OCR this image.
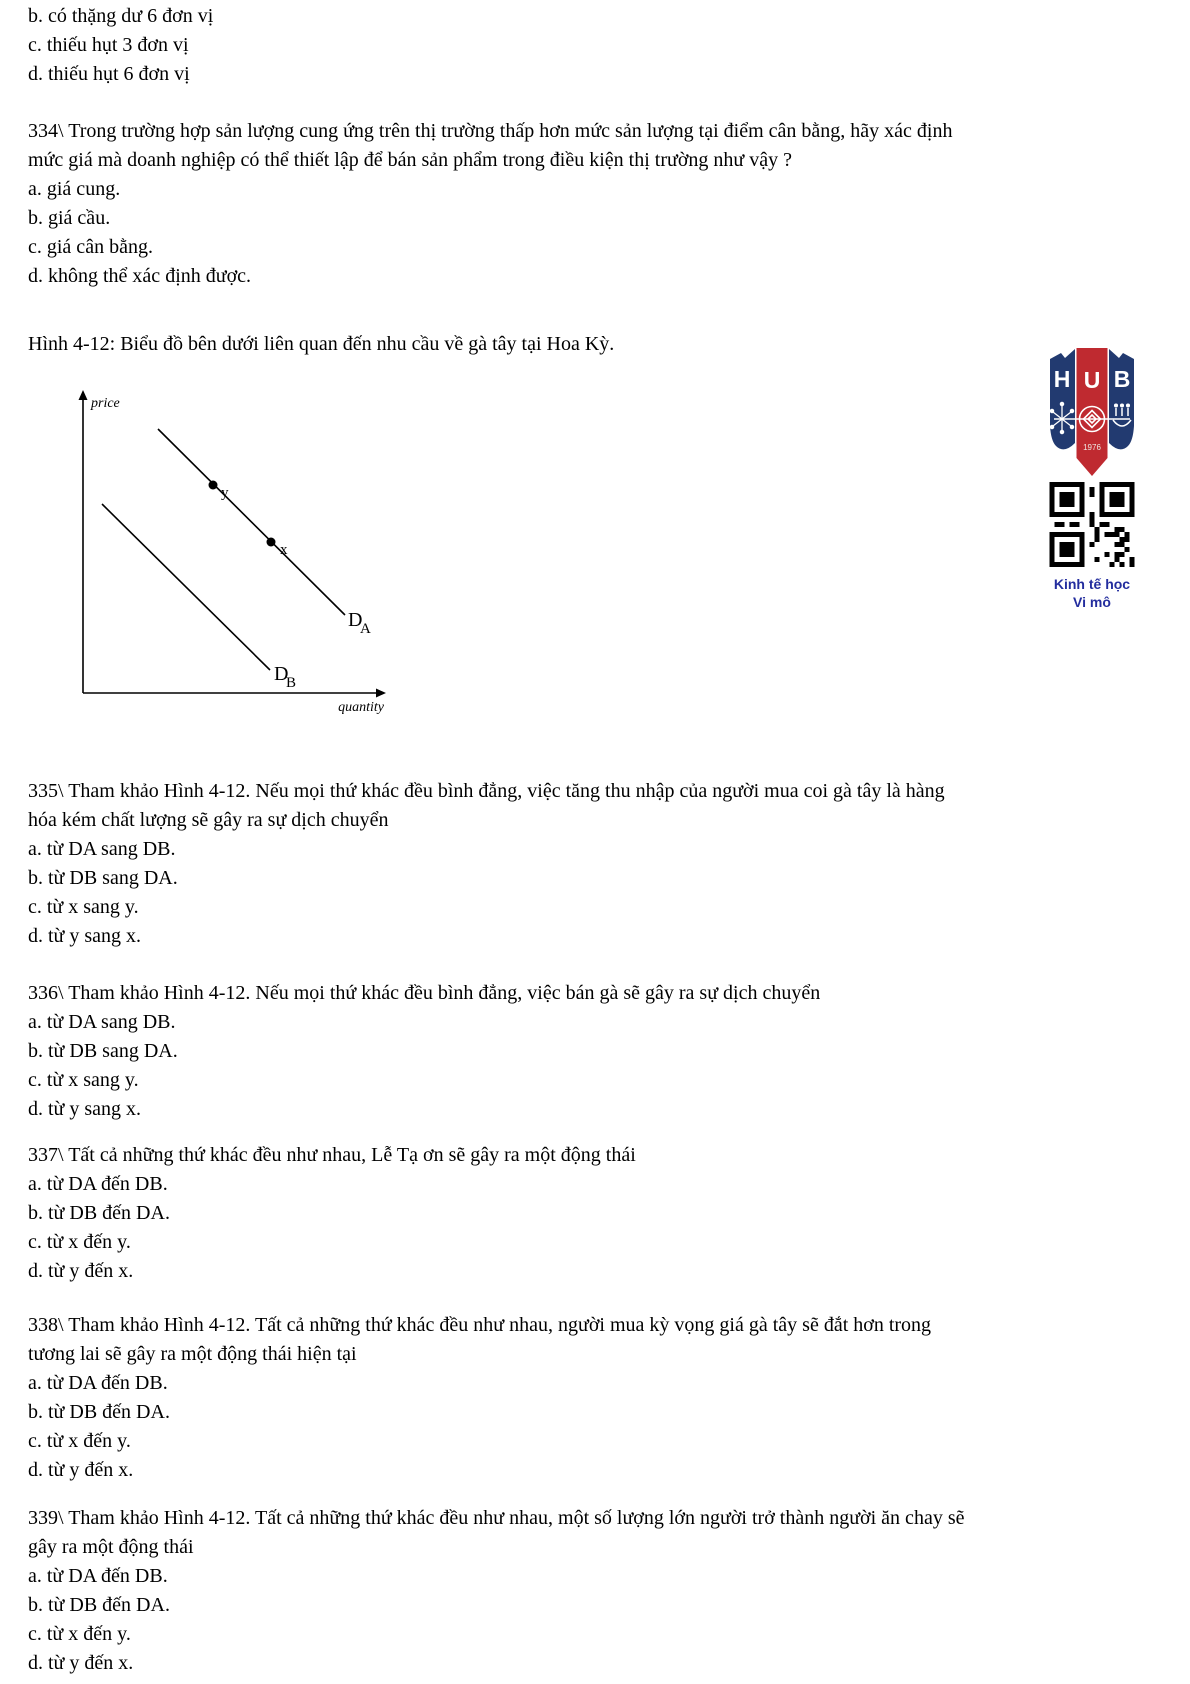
b. có thặng dư 6 đơn vị
c. thiếu hụt 3 đơn vị
d. thiếu hụt 6 đơn vị
334\ Trong trường hợp sản lượng cung ứng trên thị trường thấp hơn mức sản lượng tại điểm cân bằng, hãy xác định
mức giá mà doanh nghiệp có thể thiết lập để bán sản phẩm trong điều kiện thị trường như vậy ?
a. giá cung.
b. giá cầu.
c. giá cân bằng.
d. không thể xác định được.

Hình 4-12: Biểu đồ bên dưới liên quan đến nhu cầu về gà tây tại Hoa Kỳ.

price
quantity
D
A
D
B
y
x
H U B
1976
Kinh tế học
Vi mô
335\ Tham khảo Hình 4-12. Nếu mọi thứ khác đều bình đẳng, việc tăng thu nhập của người mua coi gà tây là hàng
hóa kém chất lượng sẽ gây ra sự dịch chuyển
a. từ DA sang DB.
b. từ DB sang DA.
c. từ x sang y.
d. từ y sang x.
336\ Tham khảo Hình 4-12. Nếu mọi thứ khác đều bình đẳng, việc bán gà sẽ gây ra sự dịch chuyển
a. từ DA sang DB.
b. từ DB sang DA.
c. từ x sang y.
d. từ y sang x.
337\ Tất cả những thứ khác đều như nhau, Lễ Tạ ơn sẽ gây ra một động thái
a. từ DA đến DB.
b. từ DB đến DA.
c. từ x đến y.
d. từ y đến x.
338\ Tham khảo Hình 4-12. Tất cả những thứ khác đều như nhau, người mua kỳ vọng giá gà tây sẽ đắt hơn trong
tương lai sẽ gây ra một động thái hiện tại
a. từ DA đến DB.
b. từ DB đến DA.
c. từ x đến y.
d. từ y đến x.
339\ Tham khảo Hình 4-12. Tất cả những thứ khác đều như nhau, một số lượng lớn người trở thành người ăn chay sẽ
gây ra một động thái
a. từ DA đến DB.
b. từ DB đến DA.
c. từ x đến y.
d. từ y đến x.
